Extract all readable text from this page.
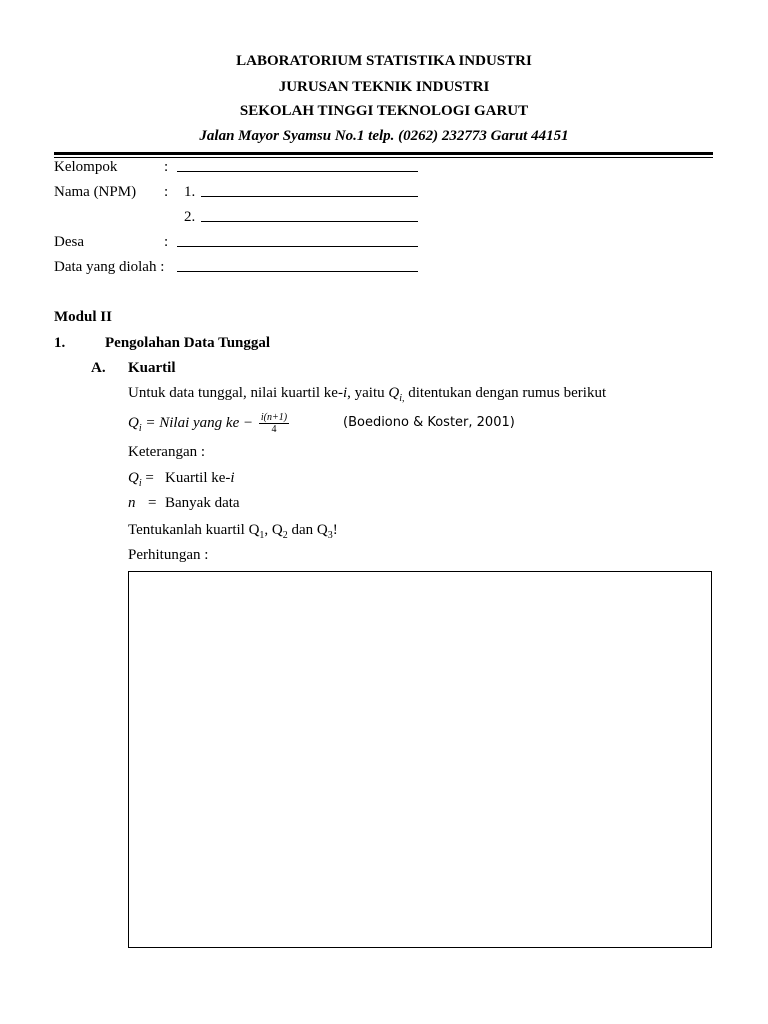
LABORATORIUM STATISTIKA INDUSTRI
JURUSAN TEKNIK INDUSTRI
SEKOLAH TINGGI TEKNOLOGI GARUT
Jalan Mayor Syamsu No.1 telp. (0262) 232773 Garut 44151
Kelompok	:
Nama (NPM) : 1.
2.
Desa	:
Data yang diolah :
Modul II
1.	Pengolahan Data Tunggal
A. Kuartil
Untuk data tunggal, nilai kuartil ke-i, yaitu $Q_{i,}$ ditentukan dengan rumus berikut
$Q_i$ = Nilai yang ke − $\frac{i(n+1)}{4}$	(Boediono & Koster, 2001)
Keterangan :
$Q_i$ = Kuartil ke-i
n = Banyak data
Tentukanlah kuartil $Q_1$, $Q_2$ dan $Q_3$!
Perhitungan :
